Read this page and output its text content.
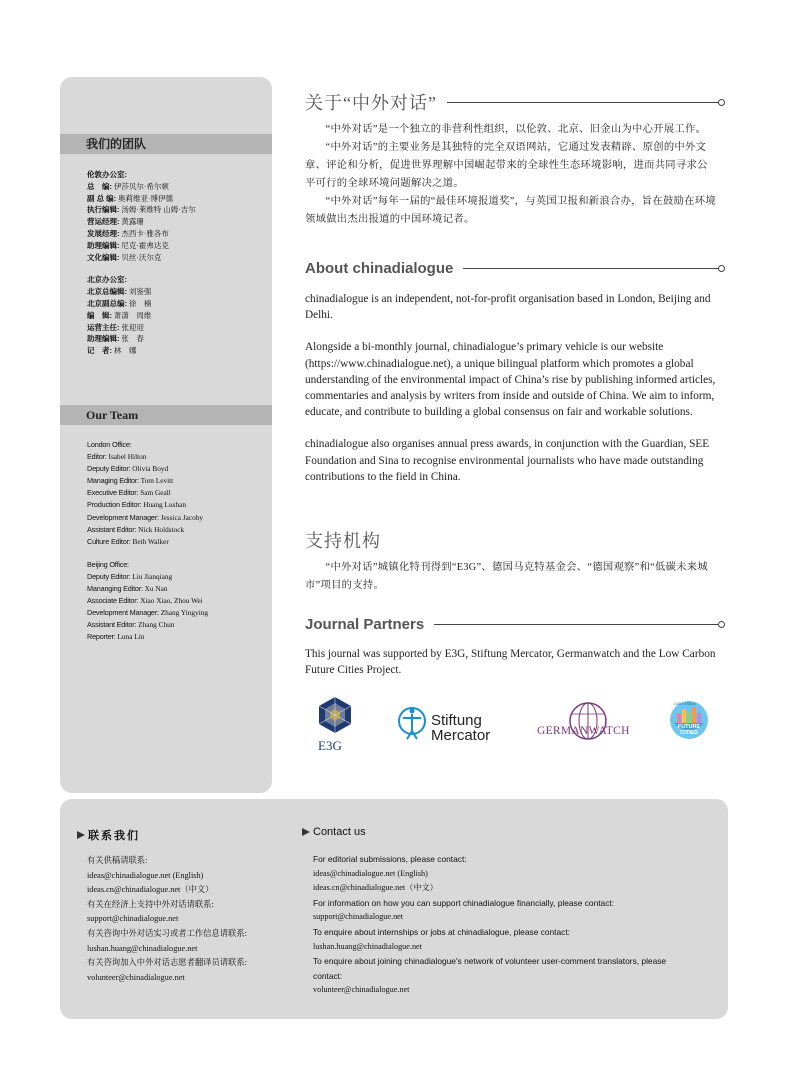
我们的团队
伦敦办公室:
总　编: 伊莎贝尔·希尔顿
副 总 编: 奥莉维亚·博伊德
执行编辑: 汤姆·莱维特 山姆·吉尔
营运经理: 黄露珊
发展经理: 杰西卡·雅各布
助理编辑: 尼克·霍弗达克
文化编辑: 贝丝·沃尔克
北京办公室:
北京总编辑: 刘鉴强
北京副总编: 徐　楠
编　辑: 萧潇　周维
运营主任: 张迎迎
助理编辑: 张　春
记　者: 林　娜
Our Team
London Office:
Editor: Isabel Hilton
Deputy Editor: Olivia Boyd
Managing Editor: Tom Levitt
Executive Editor: Sam Geall
Production Editor: Huang Lushan
Development Manager: Jessica Jacoby
Assistant Editor: Nick Holdstock
Culture Editor: Beth Walker
Beijing Office:
Deputy Editor: Liu Jianqiang
Mananging Editor: Xu Nan
Associate Editor: Xiao Xiao, Zhou Wei
Development Manager: Zhang Yingying
Assistant Editor: Zhang Chun
Reporter: Luna Lin
关于“中外对话”
“中外对话”是一个独立的非营利性组织，以伦敦、北京、旧金山为中心开展工作。
“中外对话”的主要业务是其独特的完全双语网站，它通过发表精辟、原创的中外文章、评论和分析，促进世界理解中国崛起带来的全球性生态环境影响，进而共同寻求公平可行的全球环境问题解决之道。
“中外对话”每年一届的“最佳环境报道奖”，与英国卫报和新浪合办，旨在鼓励在环境领域做出杰出报道的中国环境记者。
About chinadialogue

chinadialogue is an independent, not-for-profit organisation based in London, Beijing and Delhi.

Alongside a bi-monthly journal, chinadialogue’s primary vehicle is our website (https://www.chinadialogue.net), a unique bilingual platform which promotes a global understanding of the environmental impact of China’s rise by publishing informed articles, commentaries and analysis by writers from inside and outside of China. We aim to inform, educate, and contribute to building a global consensus on fair and workable solutions.

chinadialogue also organises annual press awards, in conjunction with the Guardian, SEE Foundation and Sina to recognise environmental journalists who have made outstanding contributions to the field in China.

支持机构
“中外对话”城镇化特刊得到“E3G”、德国马克特基金会、“德国观察”和“低碳未来城市”项目的支持。
Journal Partners
This journal was supported by E3G, Stiftung Mercator, Germanwatch and the Low Carbon Future Cities Project.
E3G
Stiftung
Mercator	GERMANWATCH
LOW CARBON
FUTURE
CITIES
联系我们
有关供稿请联系:
ideas@chinadialogue.net (English)
ideas.cn@chinadialogue.net（中文）
有关在经济上支持中外对话请联系:
support@chinadialogue.net
有关咨询中外对话实习或者工作信息请联系:
lushan.huang@chinadialogue.net
有关咨询加入中外对话志愿者翻译员请联系:
volunteer@chinadialogue.net
Contact us
For editorial submissions, please contact:
ideas@chinadialogue.net (English)
ideas.cn@chinadialogue.net（中文）
For information on how you can support chinadialogue financially, please contact:
support@chinadialogue.net
To enquire about internships or jobs at chinadialogue, please contact:
lushan.huang@chinadialogue.net
To enquire about joining chinadialogue's network of volunteer user-comment translators, please
contact:
volunteer@chinadialogue.net
